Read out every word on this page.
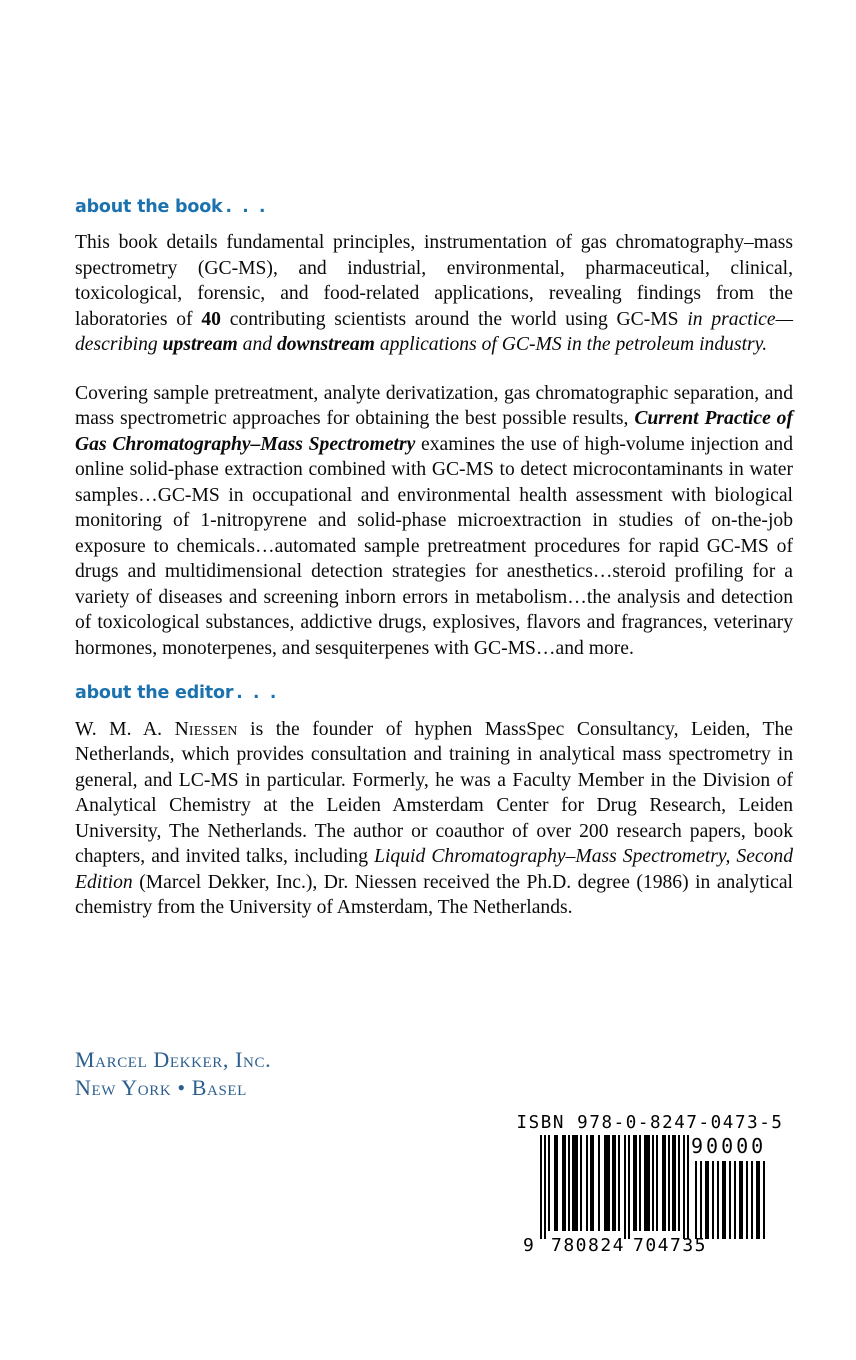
about the book . . .

This book details fundamental principles, instrumentation of gas chromatography–mass spectrometry (GC-MS), and industrial, environmental, pharmaceutical, clinical, toxicological, forensic, and food-related applications, revealing findings from the laboratories of 40 contributing scientists around the world using GC-MS in practice—describing upstream and downstream applications of GC-MS in the petroleum industry.

Covering sample pretreatment, analyte derivatization, gas chromatographic separation, and mass spectrometric approaches for obtaining the best possible results, Current Practice of Gas Chromatography–Mass Spectrometry examines the use of high-volume injection and online solid-phase extraction combined with GC-MS to detect microcontaminants in water samples…GC-MS in occupational and environmental health assessment with biological monitoring of 1-nitropyrene and solid-phase microextraction in studies of on-the-job exposure to chemicals…automated sample pretreatment procedures for rapid GC-MS of drugs and multidimensional detection strategies for anesthetics…steroid profiling for a variety of diseases and screening inborn errors in metabolism…the analysis and detection of toxicological substances, addictive drugs, explosives, flavors and fragrances, veterinary hormones, monoterpenes, and sesquiterpenes with GC-MS…and more.

about the editor . . .

W. M. A. Niessen is the founder of hyphen MassSpec Consultancy, Leiden, The Netherlands, which provides consultation and training in analytical mass spectrometry in general, and LC-MS in particular. Formerly, he was a Faculty Member in the Division of Analytical Chemistry at the Leiden Amsterdam Center for Drug Research, Leiden University, The Netherlands. The author or coauthor of over 200 research papers, book chapters, and invited talks, including Liquid Chromatography–Mass Spectrometry, Second Edition (Marcel Dekker, Inc.), Dr. Niessen received the Ph.D. degree (1986) in analytical chemistry from the University of Amsterdam, The Netherlands.

Marcel Dekker, Inc.
New York • Basel
ISBN 978-0-8247-0473-5
90000
9 780824 704735
